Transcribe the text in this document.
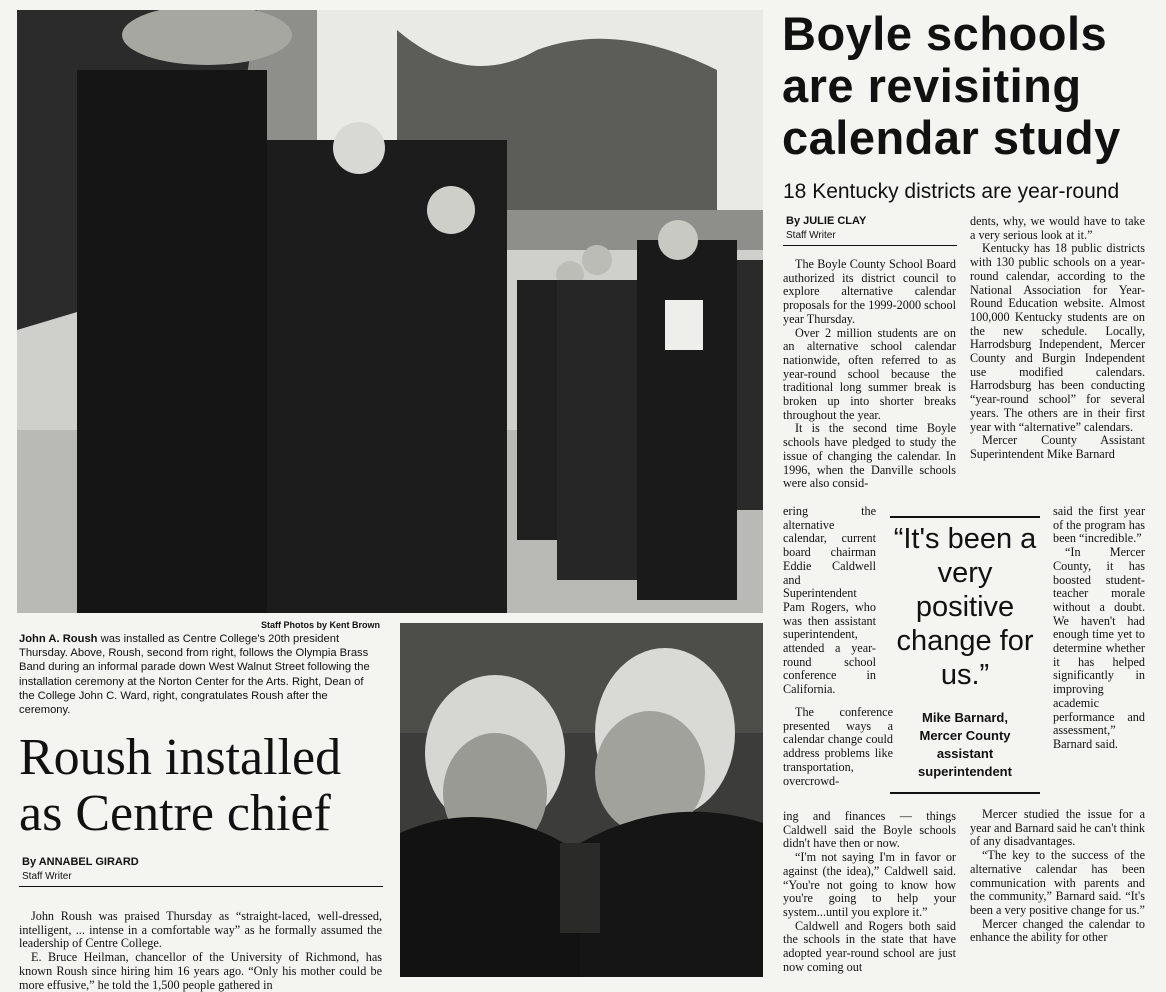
Staff Photos by Kent Brown
John A. Roush was installed as Centre College's 20th president Thursday. Above, Roush, second from right, follows the Olympia Brass Band during an informal parade down West Walnut Street following the installation ceremony at the Norton Center for the Arts. Right, Dean of the College John C. Ward, right, congratulates Roush after the ceremony.
Roush installed
as Centre chief
By ANNABEL GIRARD
Staff Writer

John Roush was praised Thursday as “straight-laced, well-dressed, intelligent, ... intense in a comfortable way” as he formally assumed the leadership of Centre College.

E. Bruce Heilman, chancellor of the University of Richmond, has known Roush since hiring him 16 years ago. “Only his mother could be more effusive,” he told the 1,500 people gathered in

Boyle schools
are revisiting
calendar study
18 Kentucky districts are year-round
By JULIE CLAY
Staff Writer

The Boyle County School Board authorized its district council to explore alternative calendar proposals for the 1999-2000 school year Thursday.

Over 2 million students are on an alternative school calendar nationwide, often referred to as year-round school because the traditional long summer break is broken up into shorter breaks throughout the year.

It is the second time Boyle schools have pledged to study the issue of changing the calendar. In 1996, when the Danville schools were also consid-

ering the alternative calendar, current board chairman Eddie Caldwell and Superintendent Pam Rogers, who was then assistant superintendent, attended a year-round school conference in California.

The conference presented ways a calendar change could address problems like transportation, overcrowd-

ing and finances — things Caldwell said the Boyle schools didn't have then or now.

“I'm not saying I'm in favor or against (the idea),” Caldwell said. “You're not going to know how you're going to help your system...until you explore it.”

Caldwell and Rogers both said the schools in the state that have adopted year-round school are just now coming out

dents, why, we would have to take a very serious look at it.”

Kentucky has 18 public districts with 130 public schools on a year-round calendar, according to the National Association for Year-Round Education website. Almost 100,000 Kentucky students are on the new schedule. Locally, Harrodsburg Independent, Mercer County and Burgin Independent use modified calendars. Harrodsburg has been conducting “year-round school” for several years. The others are in their first year with “alternative” calendars.

Mercer County Assistant Superintendent Mike Barnard

said the first year of the program has been “incredible.”

“In Mercer County, it has boosted student-teacher morale without a doubt. We haven't had enough time yet to determine whether it has helped significantly in improving academic performance and assessment,” Barnard said.

Mercer studied the issue for a year and Barnard said he can't think of any disadvantages.

“The key to the success of the alternative calendar has been communication with parents and the community,” Barnard said. “It's been a very positive change for us.”

Mercer changed the calendar to enhance the ability for other

“It's been a very positive change for us.”
Mike Barnard, Mercer County assistant superintendent
